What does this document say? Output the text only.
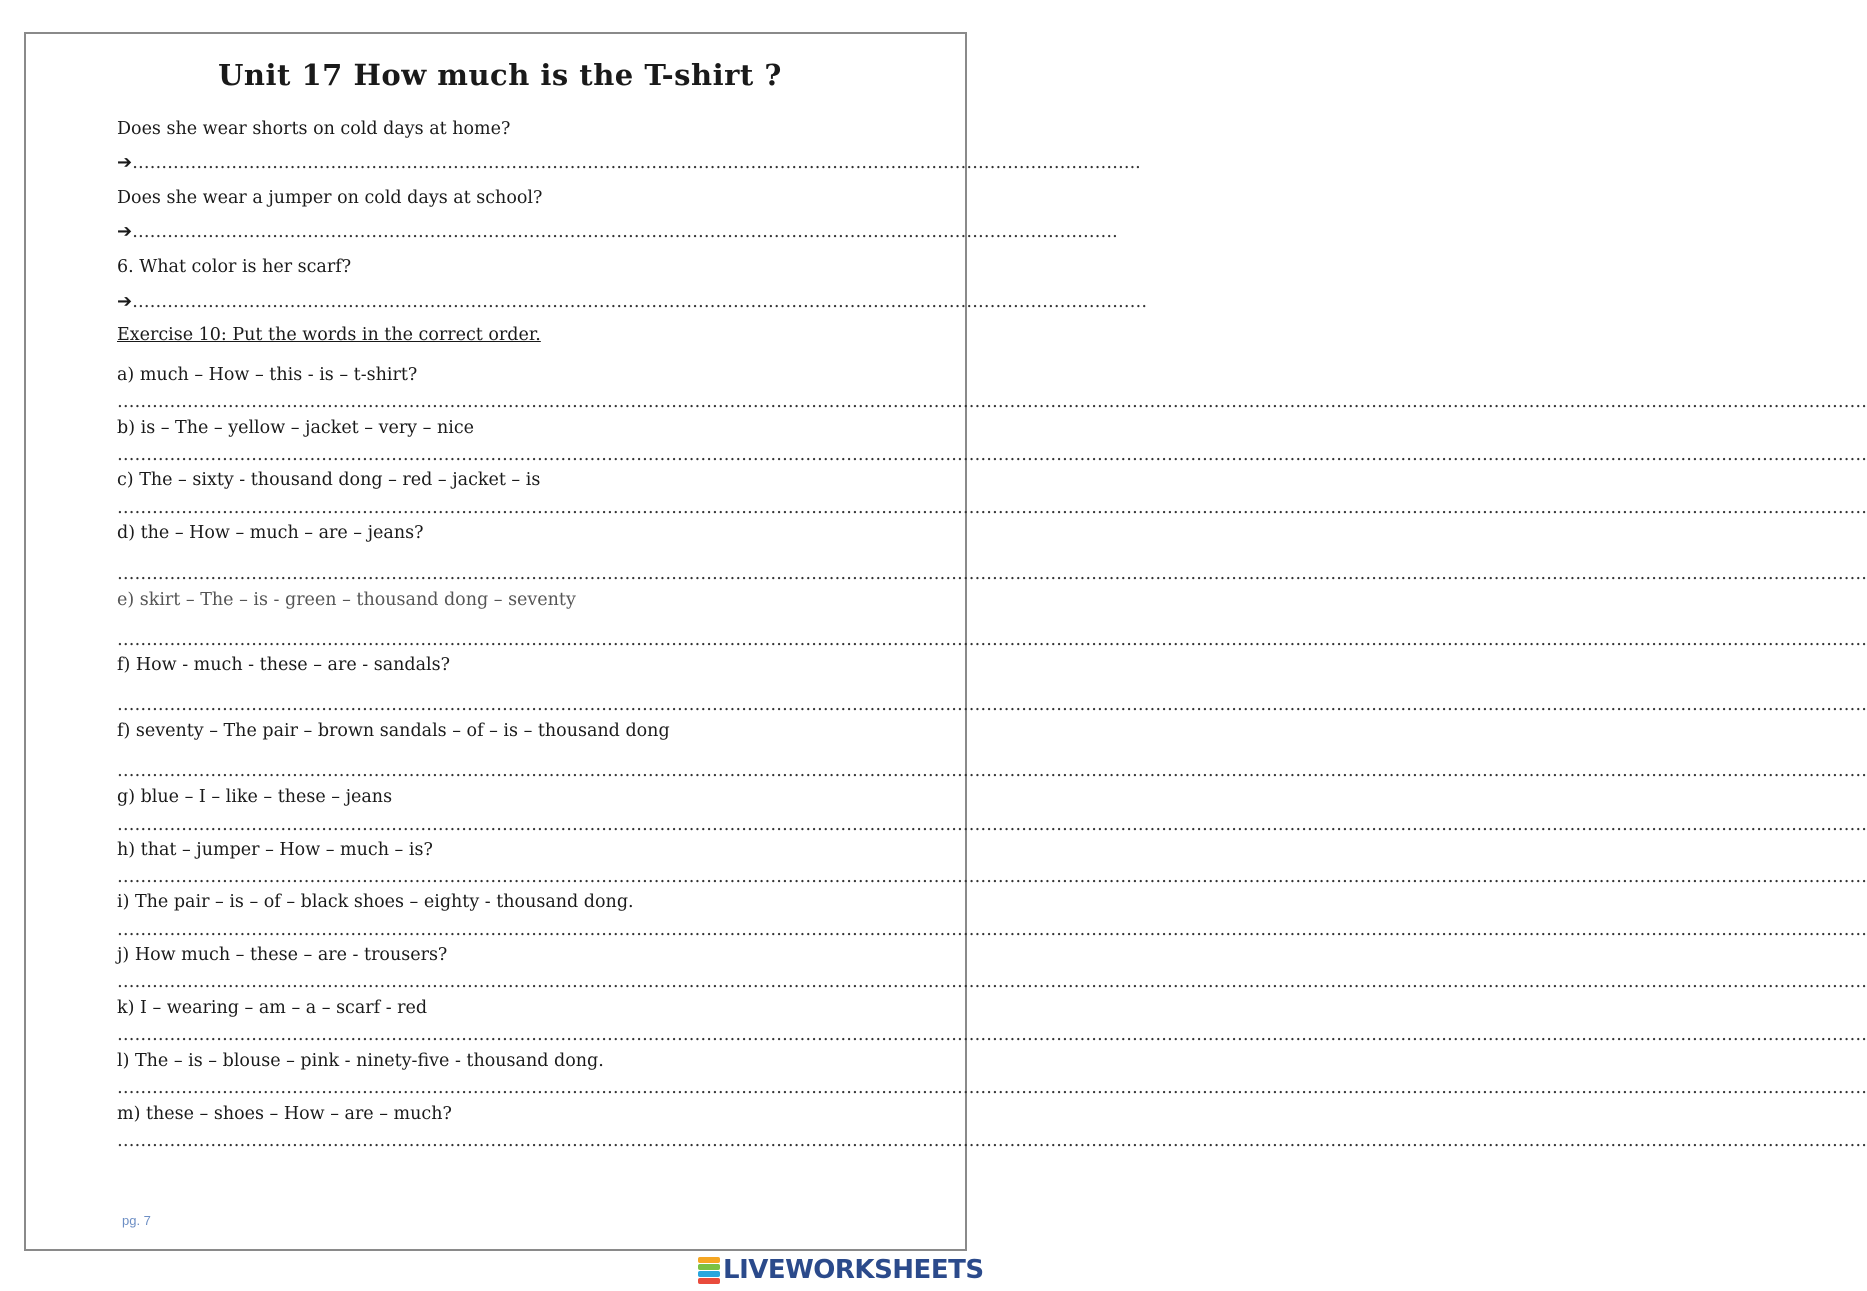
Unit 17 How much is the T-shirt ?
Does she wear shorts on cold days at home?
➔………………………………………………………………………………………………………………………………………………………..
Does she wear a jumper on cold days at school?
➔…………………………………………………………………………………………………………………………………………………….
6. What color is her scarf?
➔…………………………………………………………………………………………………………………………………………………………
Exercise 10: Put the words in the correct order.
a) much – How – this - is – t-shirt?
…………………………………………………………………………………………………………………………………………………………………………………………………………………………………………………………………………
b) is – The – yellow – jacket – very – nice
…………………………………………………………………………………………………………………………………………………………………………………………………………………………………………………………………………
c) The – sixty - thousand dong – red – jacket – is
…………………………………………………………………………………………………………………………………………………………………………………………………………………………………………………………………………
d) the – How – much – are – jeans?
…………………………………………………………………………………………………………………………………………………………………………………………………………………………………………………………………………
e) skirt – The – is - green – thousand dong – seventy
…………………………………………………………………………………………………………………………………………………………………………………………………………………………………………………………………………
f) How - much - these – are - sandals?
…………………………………………………………………………………………………………………………………………………………………………………………………………………………………………………………………………
f) seventy – The pair – brown sandals – of – is – thousand dong
…………………………………………………………………………………………………………………………………………………………………………………………………………………………………………………………………………
g) blue – I – like – these – jeans
…………………………………………………………………………………………………………………………………………………………………………………………………………………………………………………………………………
h) that – jumper – How – much – is?
…………………………………………………………………………………………………………………………………………………………………………………………………………………………………………………………………………
i) The pair – is – of – black shoes – eighty - thousand dong.
…………………………………………………………………………………………………………………………………………………………………………………………………………………………………………………………………………
j) How much – these – are - trousers?
…………………………………………………………………………………………………………………………………………………………………………………………………………………………………………………………………………
k) I – wearing – am – a – scarf - red
…………………………………………………………………………………………………………………………………………………………………………………………………………………………………………………………………………
l) The – is – blouse – pink - ninety-five - thousand dong.
…………………………………………………………………………………………………………………………………………………………………………………………………………………………………………………………………………
m) these – shoes – How – are – much?
…………………………………………………………………………………………………………………………………………………………………………………………………………………………………………………………………………
pg. 7
LIVEWORKSHEETS
